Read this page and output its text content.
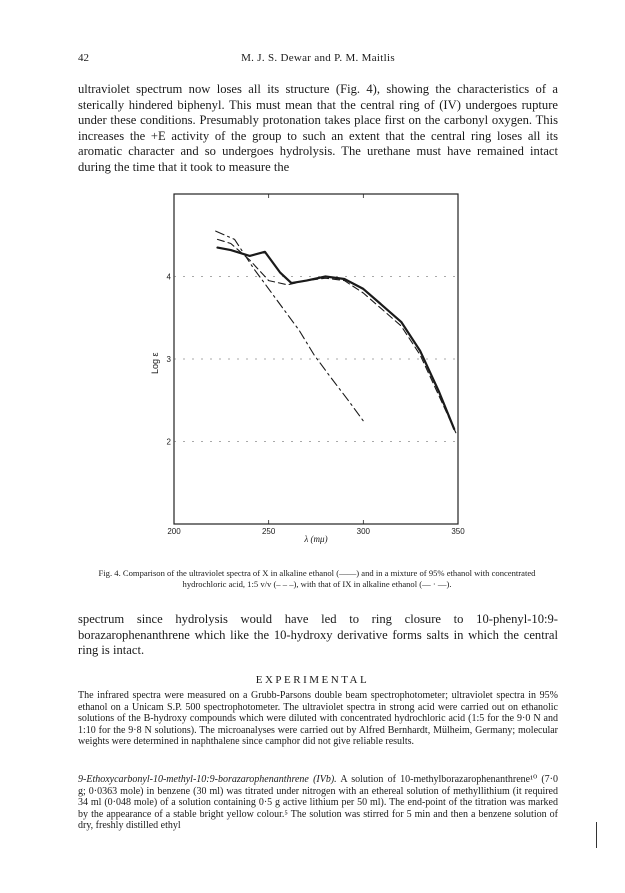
42	M. J. S. Dewar and P. M. Maitlis

ultraviolet spectrum now loses all its structure (Fig. 4), showing the characteristics of a sterically hindered biphenyl. This must mean that the central ring of (IV) undergoes rupture under these conditions. Presumably protonation takes place first on the carbonyl oxygen. This increases the +E activity of the group to such an extent that the central ring loses all its aromatic character and so undergoes hydrolysis. The urethane must have remained intact during the time that it took to measure the

2
3
4
200	250	300	350
Log ε
λ (mμ)

Fig. 4. Comparison of the ultraviolet spectra of X in alkaline ethanol (——) and in a mixture of 95% ethanol with concentrated hydrochloric acid, 1:5 v/v (– – –), with that of IX in alkaline ethanol (— · —).

spectrum since hydrolysis would have led to ring closure to 10-phenyl-10:9-borazarophenanthrene which like the 10-hydroxy derivative forms salts in which the central ring is intact.

EXPERIMENTAL

The infrared spectra were measured on a Grubb-Parsons double beam spectrophotometer; ultraviolet spectra in 95% ethanol on a Unicam S.P. 500 spectrophotometer. The ultraviolet spectra in strong acid were carried out on ethanolic solutions of the B-hydroxy compounds which were diluted with concentrated hydrochloric acid (1:5 for the 9·0 N and 1:10 for the 9·8 N solutions). The microanalyses were carried out by Alfred Bernhardt, Mülheim, Germany; molecular weights were determined in naphthalene since camphor did not give reliable results.

9-Ethoxycarbonyl-10-methyl-10:9-borazarophenanthrene (IVb). A solution of 10-methylborazarophenanthrene¹⁰ (7·0 g; 0·0363 mole) in benzene (30 ml) was titrated under nitrogen with an ethereal solution of methyllithium (it required 34 ml (0·048 mole) of a solution containing 0·5 g active lithium per 50 ml). The end-point of the titration was marked by the appearance of a stable bright yellow colour.⁵ The solution was stirred for 5 min and then a benzene solution of dry, freshly distilled ethyl
